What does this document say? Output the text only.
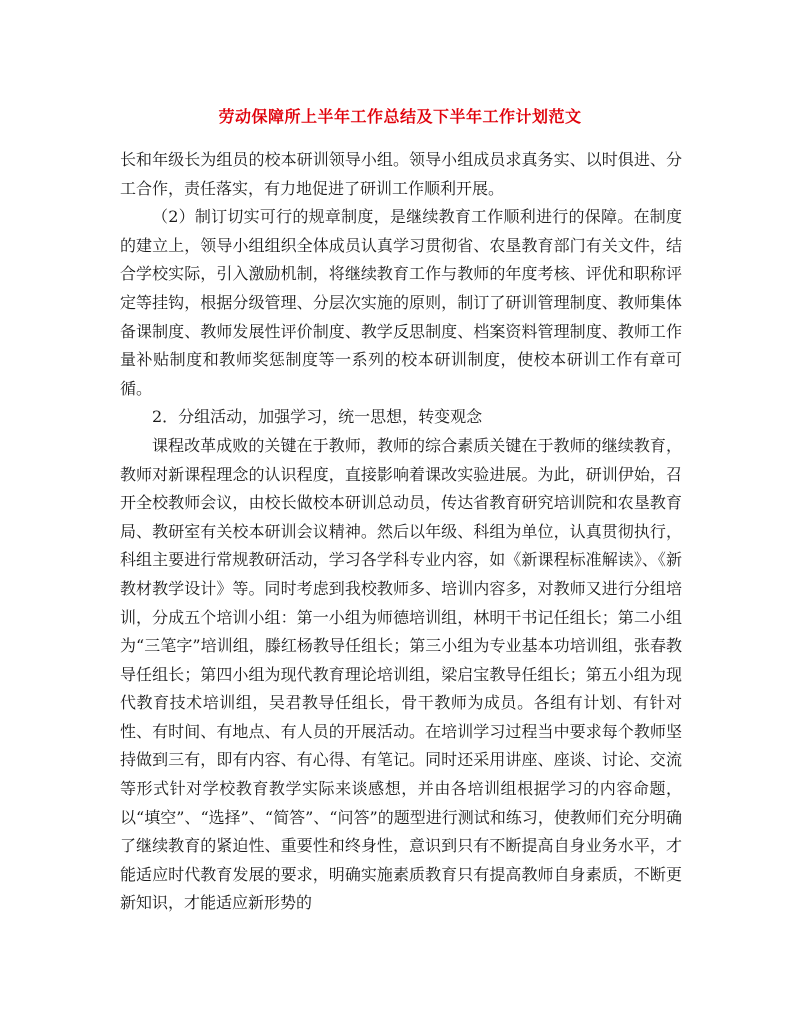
劳动保障所上半年工作总结及下半年工作计划范文

长和年级长为组员的校本研训领导小组。领导小组成员求真务实、以时俱进、分工合作，责任落实，有力地促进了研训工作顺利开展。

（2）制订切实可行的规章制度，是继续教育工作顺利进行的保障。在制度的建立上，领导小组组织全体成员认真学习贯彻省、农垦教育部门有关文件，结合学校实际，引入激励机制，将继续教育工作与教师的年度考核、评优和职称评定等挂钩，根据分级管理、分层次实施的原则，制订了研训管理制度、教师集体备课制度、教师发展性评价制度、教学反思制度、档案资料管理制度、教师工作量补贴制度和教师奖惩制度等一系列的校本研训制度，使校本研训工作有章可循。

2．分组活动，加强学习，统一思想，转变观念

课程改革成败的关键在于教师，教师的综合素质关键在于教师的继续教育，教师对新课程理念的认识程度，直接影响着课改实验进展。为此，研训伊始，召开全校教师会议，由校长做校本研训总动员，传达省教育研究培训院和农垦教育局、教研室有关校本研训会议精神。然后以年级、科组为单位，认真贯彻执行，科组主要进行常规教研活动，学习各学科专业内容，如《新课程标准解读》、《新教材教学设计》等。同时考虑到我校教师多、培训内容多，对教师又进行分组培训，分成五个培训小组：第一小组为师德培训组，林明干书记任组长；第二小组为“三笔字”培训组，滕红杨教导任组长；第三小组为专业基本功培训组，张春教导任组长；第四小组为现代教育理论培训组，梁启宝教导任组长；第五小组为现代教育技术培训组，吴君教导任组长，骨干教师为成员。各组有计划、有针对性、有时间、有地点、有人员的开展活动。在培训学习过程当中要求每个教师坚持做到三有，即有内容、有心得、有笔记。同时还采用讲座、座谈、讨论、交流等形式针对学校教育教学实际来谈感想，并由各培训组根据学习的内容命题，以“填空”、“选择”、“简答”、“问答”的题型进行测试和练习，使教师们充分明确了继续教育的紧迫性、重要性和终身性，意识到只有不断提高自身业务水平，才能适应时代教育发展的要求，明确实施素质教育只有提高教师自身素质，不断更新知识，才能适应新形势的
